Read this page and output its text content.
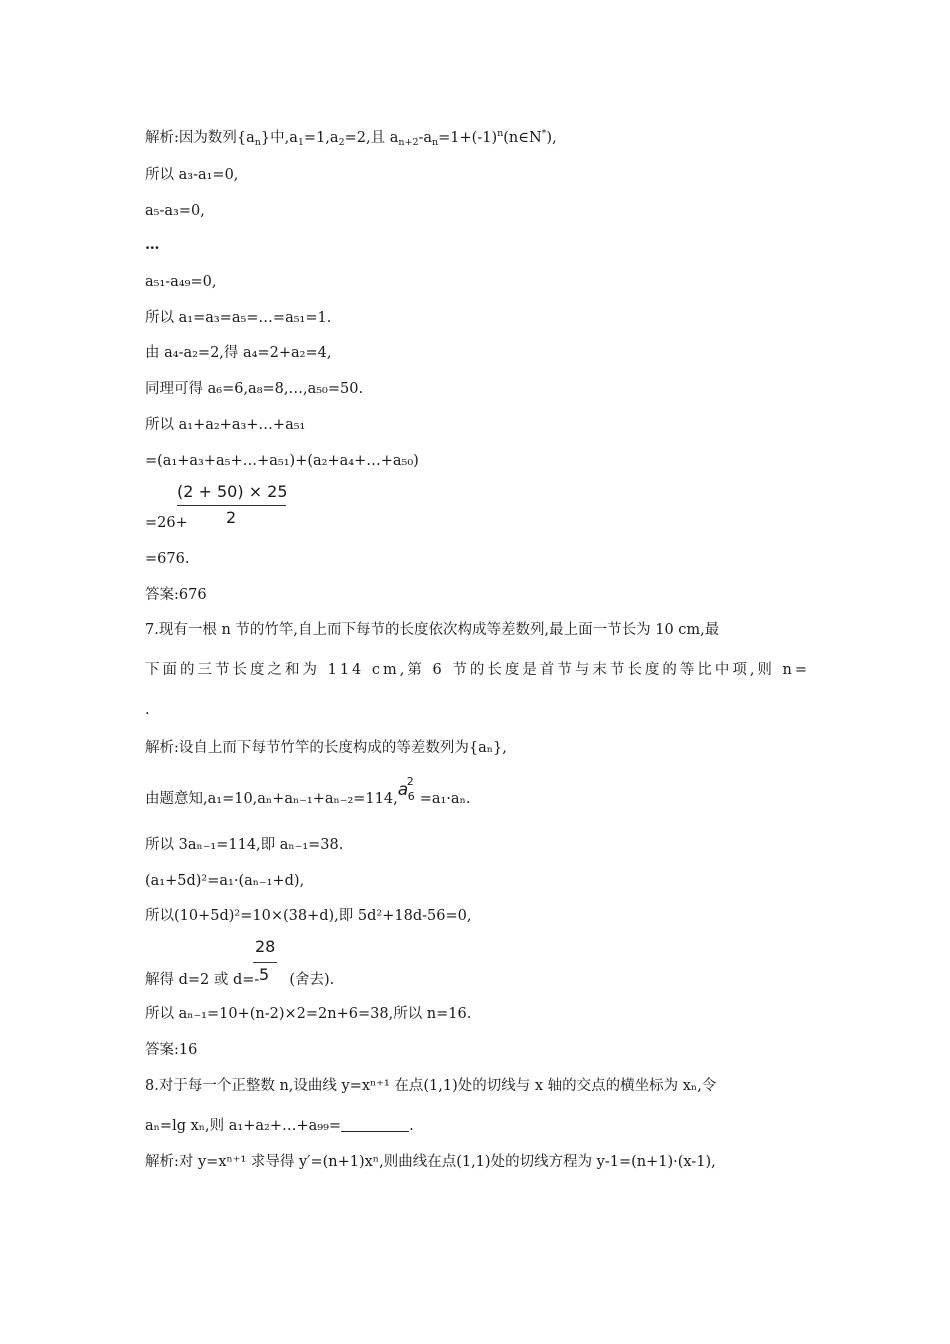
解析:因为数列$\{a_n\}$中$,a_1=1,a_2=2$,且 $a_{n+2}-a_n=1+(-1)^n(n\in N^*)$,
所以 a₃-a₁=0,
a₅-a₃=0,
…
a₅₁-a₄₉=0,
所以 a₁=a₃=a₅=…=a₅₁=1.
由 a₄-a₂=2,得 a₄=2+a₂=4,
同理可得 a₆=6,a₈=8,…,a₅₀=50.
所以 a₁+a₂+a₃+…+a₅₁
=(a₁+a₃+a₅+…+a₅₁)+(a₂+a₄+…+a₅₀)
(2 + 50) × 25
2
=26+
=676.
答案:676
7.现有一根 n 节的竹竿,自上而下每节的长度依次构成等差数列,最上面一节长为 10 cm,最
下面的三节长度之和为 114 cm,第 6 节的长度是首节与末节长度的等比中项,则 n=
.
解析:设自上而下每节竹竿的长度构成的等差数列为{aₙ},
由题意知,a₁=10,aₙ+aₙ₋₁+aₙ₋₂=114, a
2
6 =a₁·aₙ.
所以 3aₙ₋₁=114,即 aₙ₋₁=38.
(a₁+5d)²=a₁·(aₙ₋₁+d),
所以(10+5d)²=10×(38+d),即 5d²+18d-56=0,
28
5
解得 d=2 或 d=- (舍去).
所以 aₙ₋₁=10+(n-2)×2=2n+6=38,所以 n=16.
答案:16
8.对于每一个正整数 n,设曲线 y=xⁿ⁺¹ 在点(1,1)处的切线与 x 轴的交点的横坐标为 xₙ,令
aₙ=lg xₙ,则 a₁+a₂+…+a₉₉=	.
解析:对 y=xⁿ⁺¹ 求导得 y′=(n+1)xⁿ,则曲线在点(1,1)处的切线方程为 y-1=(n+1)·(x-1),
